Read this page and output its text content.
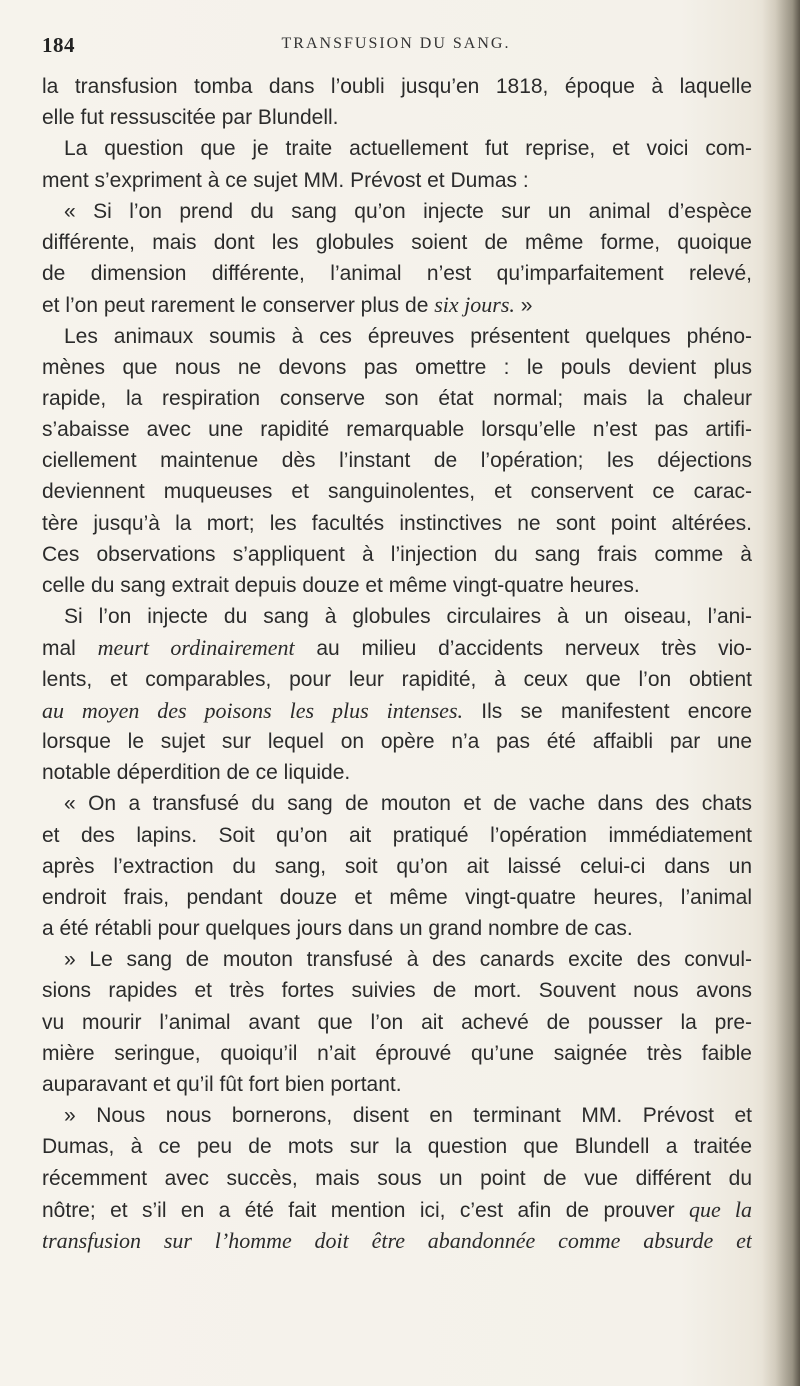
184	TRANSFUSION DU SANG.
la transfusion tomba dans l’oubli jusqu’en 1818, époque à laquelle
elle fut ressuscitée par Blundell.
La question que je traite actuellement fut reprise, et voici com-
ment s’expriment à ce sujet MM. Prévost et Dumas :
« Si l’on prend du sang qu’on injecte sur un animal d’espèce
différente, mais dont les globules soient de même forme, quoique
de dimension différente, l’animal n’est qu’imparfaitement relevé,
et l’on peut rarement le conserver plus de six jours. »
Les animaux soumis à ces épreuves présentent quelques phéno-
mènes que nous ne devons pas omettre : le pouls devient plus
rapide, la respiration conserve son état normal; mais la chaleur
s’abaisse avec une rapidité remarquable lorsqu’elle n’est pas artifi-
ciellement maintenue dès l’instant de l’opération; les déjections
deviennent muqueuses et sanguinolentes, et conservent ce carac-
tère jusqu’à la mort; les facultés instinctives ne sont point altérées.
Ces observations s’appliquent à l’injection du sang frais comme à
celle du sang extrait depuis douze et même vingt-quatre heures.
Si l’on injecte du sang à globules circulaires à un oiseau, l’ani-
mal meurt ordinairement au milieu d’accidents nerveux très vio-
lents, et comparables, pour leur rapidité, à ceux que l’on obtient
au moyen des poisons les plus intenses. Ils se manifestent encore
lorsque le sujet sur lequel on opère n’a pas été affaibli par une
notable déperdition de ce liquide.
« On a transfusé du sang de mouton et de vache dans des chats
et des lapins. Soit qu’on ait pratiqué l’opération immédiatement
après l’extraction du sang, soit qu’on ait laissé celui-ci dans un
endroit frais, pendant douze et même vingt-quatre heures, l’animal
a été rétabli pour quelques jours dans un grand nombre de cas.
» Le sang de mouton transfusé à des canards excite des convul-
sions rapides et très fortes suivies de mort. Souvent nous avons
vu mourir l’animal avant que l’on ait achevé de pousser la pre-
mière seringue, quoiqu’il n’ait éprouvé qu’une saignée très faible
auparavant et qu’il fût fort bien portant.
» Nous nous bornerons, disent en terminant MM. Prévost et
Dumas, à ce peu de mots sur la question que Blundell a traitée
récemment avec succès, mais sous un point de vue différent du
nôtre; et s’il en a été fait mention ici, c’est afin de prouver que la
transfusion sur l’homme doit être abandonnée comme absurde et
